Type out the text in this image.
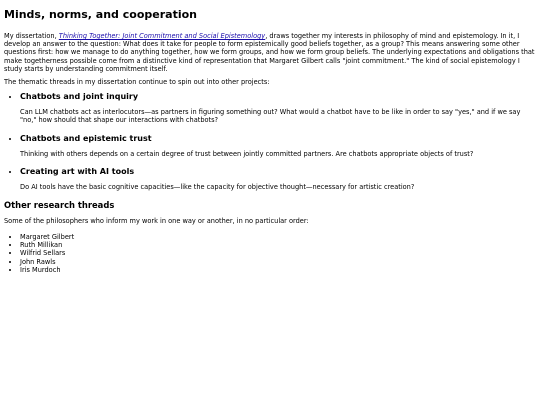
Minds, norms, and cooperation

My dissertation, Thinking Together: Joint Commitment and Social Epistemology, draws together my interests in philosophy of mind and epistemology. In it, I develop an answer to the question: What does it take for people to form epistemically good beliefs together, as a group? This means answering some other questions first: how we manage to do anything together, how we form groups, and how we form group beliefs. The underlying expectations and obligations that make togetherness possible come from a distinctive kind of representation that Margaret Gilbert calls "joint commitment." The kind of social epistemology I study starts by understanding commitment itself.

The thematic threads in my dissertation continue to spin out into other projects:

• Chatbots and joint inquiry

Can LLM chatbots act as interlocutors—as partners in figuring something out? What would a chatbot have to be like in order to say "yes," and if we say "no," how should that shape our interactions with chatbots?

• Chatbots and epistemic trust

Thinking with others depends on a certain degree of trust between jointly committed partners. Are chatbots appropriate objects of trust?

• Creating art with AI tools

Do AI tools have the basic cognitive capacities—like the capacity for objective thought—necessary for artistic creation?

Other research threads

Some of the philosophers who inform my work in one way or another, in no particular order:

• Margaret Gilbert
• Ruth Millikan
• Wilfrid Sellars
• John Rawls
• Iris Murdoch
